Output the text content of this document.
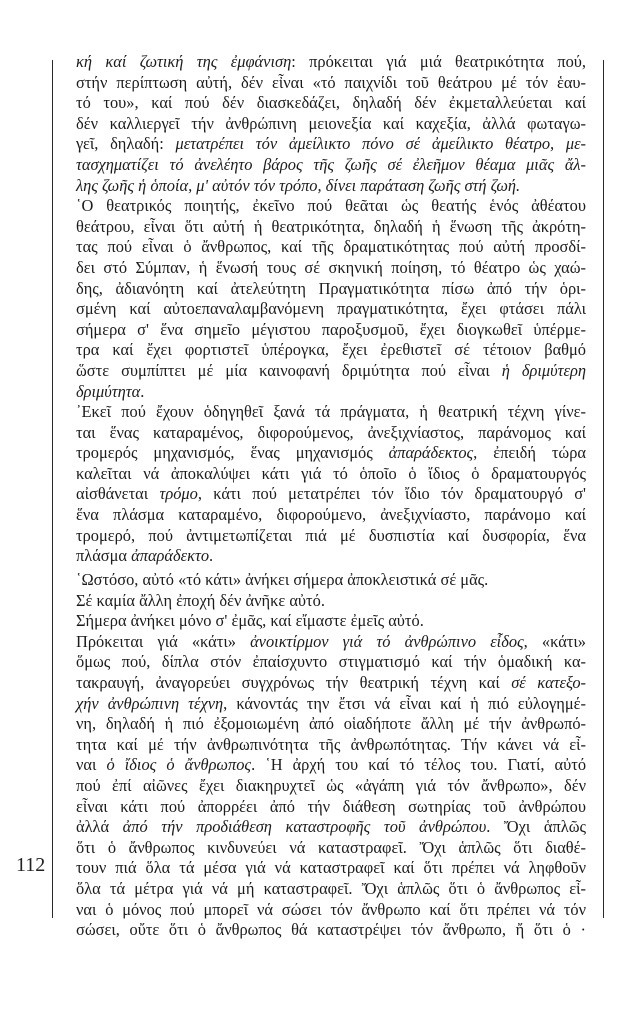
112
κή καί ζωτική της ἐμφάνιση: πρόκειται γιά μιά θεατρικότητα πού,
στήν περίπτωση αὐτή, δέν εἶναι «τό παιχνίδι τοῦ θεάτρου μέ τόν ἑαυ-
τό του», καί πού δέν διασκεδάζει, δηλαδή δέν ἐκμεταλλεύεται καί
δέν καλλιεργεῖ τήν ἀνθρώπινη μειονεξία καί καχεξία, ἀλλά φωταγω-
γεῖ, δηλαδή: μετατρέπει τόν ἀμείλικτο πόνο σέ ἀμείλικτο θέατρο, με-
τασχηματίζει τό ἀνελέητο βάρος τῆς ζωῆς σέ ἐλεῆμον θέαμα μιᾶς ἄλ-
λης ζωῆς ἡ ὁποία, μ' αὐτόν τόν τρόπο, δίνει παράταση ζωῆς στή ζωή.
῾Ο θεατρικός ποιητής, ἐκεῖνο πού θεᾶται ὡς θεατής ἑνός ἀθέατου
θεάτρου, εἶναι ὅτι αὐτή ἡ θεατρικότητα, δηλαδή ἡ ἕνωση τῆς ἀκρότη-
τας πού εἶναι ὁ ἄνθρωπος, καί τῆς δραματικότητας πού αὐτή προσδί-
δει στό Σύμπαν, ἡ ἕνωσή τους σέ σκηνική ποίηση, τό θέατρο ὡς χαώ-
δης, ἀδιανόητη καί ἀτελεύτητη Πραγματικότητα πίσω ἀπό τήν ὁρι-
σμένη καί αὐτοεπαναλαμβανόμενη πραγματικότητα, ἔχει φτάσει πάλι
σήμερα σ' ἕνα σημεῖο μέγιστου παροξυσμοῦ, ἔχει διογκωθεῖ ὑπέρμε-
τρα καί ἔχει φορτιστεῖ ὑπέρογκα, ἔχει ἐρεθιστεῖ σέ τέτοιον βαθμό
ὥστε συμπίπτει μέ μία καινοφανή δριμύτητα πού εἶναι ἡ δριμύτερη
δριμύτητα.
᾽Εκεῖ πού ἔχουν ὁδηγηθεῖ ξανά τά πράγματα, ἡ θεατρική τέχνη γίνε-
ται ἕνας καταραμένος, διφορούμενος, ἀνεξιχνίαστος, παράνομος καί
τρομερός μηχανισμός, ἕνας μηχανισμός ἀπαράδεκτος, ἐπειδή τώρα
καλεῖται νά ἀποκαλύψει κάτι γιά τό ὁποῖο ὁ ἴδιος ὁ δραματουργός
αἰσθάνεται τρόμο, κάτι πού μετατρέπει τόν ἴδιο τόν δραματουργό σ'
ἕνα πλάσμα καταραμένο, διφορούμενο, ἀνεξιχνίαστο, παράνομο καί
τρομερό, πού ἀντιμετωπίζεται πιά μέ δυσπιστία καί δυσφορία, ἕνα
πλάσμα ἀπαράδεκτο.
῾Ωστόσο, αὐτό «τό κάτι» ἀνήκει σήμερα ἀποκλειστικά σέ μᾶς.
Σέ καμία ἄλλη ἐποχή δέν ἀνῆκε αὐτό.
Σήμερα ἀνήκει μόνο σ' ἐμᾶς, καί εἴμαστε ἐμεῖς αὐτό.
Πρόκειται γιά «κάτι» ἀνοικτίρμον γιά τό ἀνθρώπινο εἶδος, «κάτι»
ὅμως πού, δίπλα στόν ἐπαίσχυντο στιγματισμό καί τήν ὁμαδική κα-
τακραυγή, ἀναγορεύει συγχρόνως τήν θεατρική τέχνη καί σέ κατεξο-
χήν ἀνθρώπινη τέχνη, κάνοντάς την ἔτσι νά εἶναι καί ἡ πιό εὐλογημέ-
νη, δηλαδή ἡ πιό ἐξομοιωμένη ἀπό οἱαδήποτε ἄλλη μέ τήν ἀνθρωπό-
τητα καί μέ τήν ἀνθρωπινότητα τῆς ἀνθρωπότητας. Τήν κάνει νά εἶ-
ναι ὁ ἴδιος ὁ ἄνθρωπος. ῾Η ἀρχή του καί τό τέλος του. Γιατί, αὐτό
πού ἐπί αἰῶνες ἔχει διακηρυχτεῖ ὡς «ἀγάπη γιά τόν ἄνθρωπο», δέν
εἶναι κάτι πού ἀπορρέει ἀπό τήν διάθεση σωτηρίας τοῦ ἀνθρώπου
ἀλλά ἀπό τήν προδιάθεση καταστροφῆς τοῦ ἀνθρώπου. Ὄχι ἁπλῶς
ὅτι ὁ ἄνθρωπος κινδυνεύει νά καταστραφεῖ. Ὄχι ἁπλῶς ὅτι διαθέ-
τουν πιά ὅλα τά μέσα γιά νά καταστραφεῖ καί ὅτι πρέπει νά ληφθοῦν
ὅλα τά μέτρα γιά νά μή καταστραφεῖ. Ὄχι ἁπλῶς ὅτι ὁ ἄνθρωπος εἶ-
ναι ὁ μόνος πού μπορεῖ νά σώσει τόν ἄνθρωπο καί ὅτι πρέπει νά τόν
σώσει, οὔτε ὅτι ὁ ἄνθρωπος θά καταστρέψει τόν ἄνθρωπο, ἤ ὅτι ὁ ·
